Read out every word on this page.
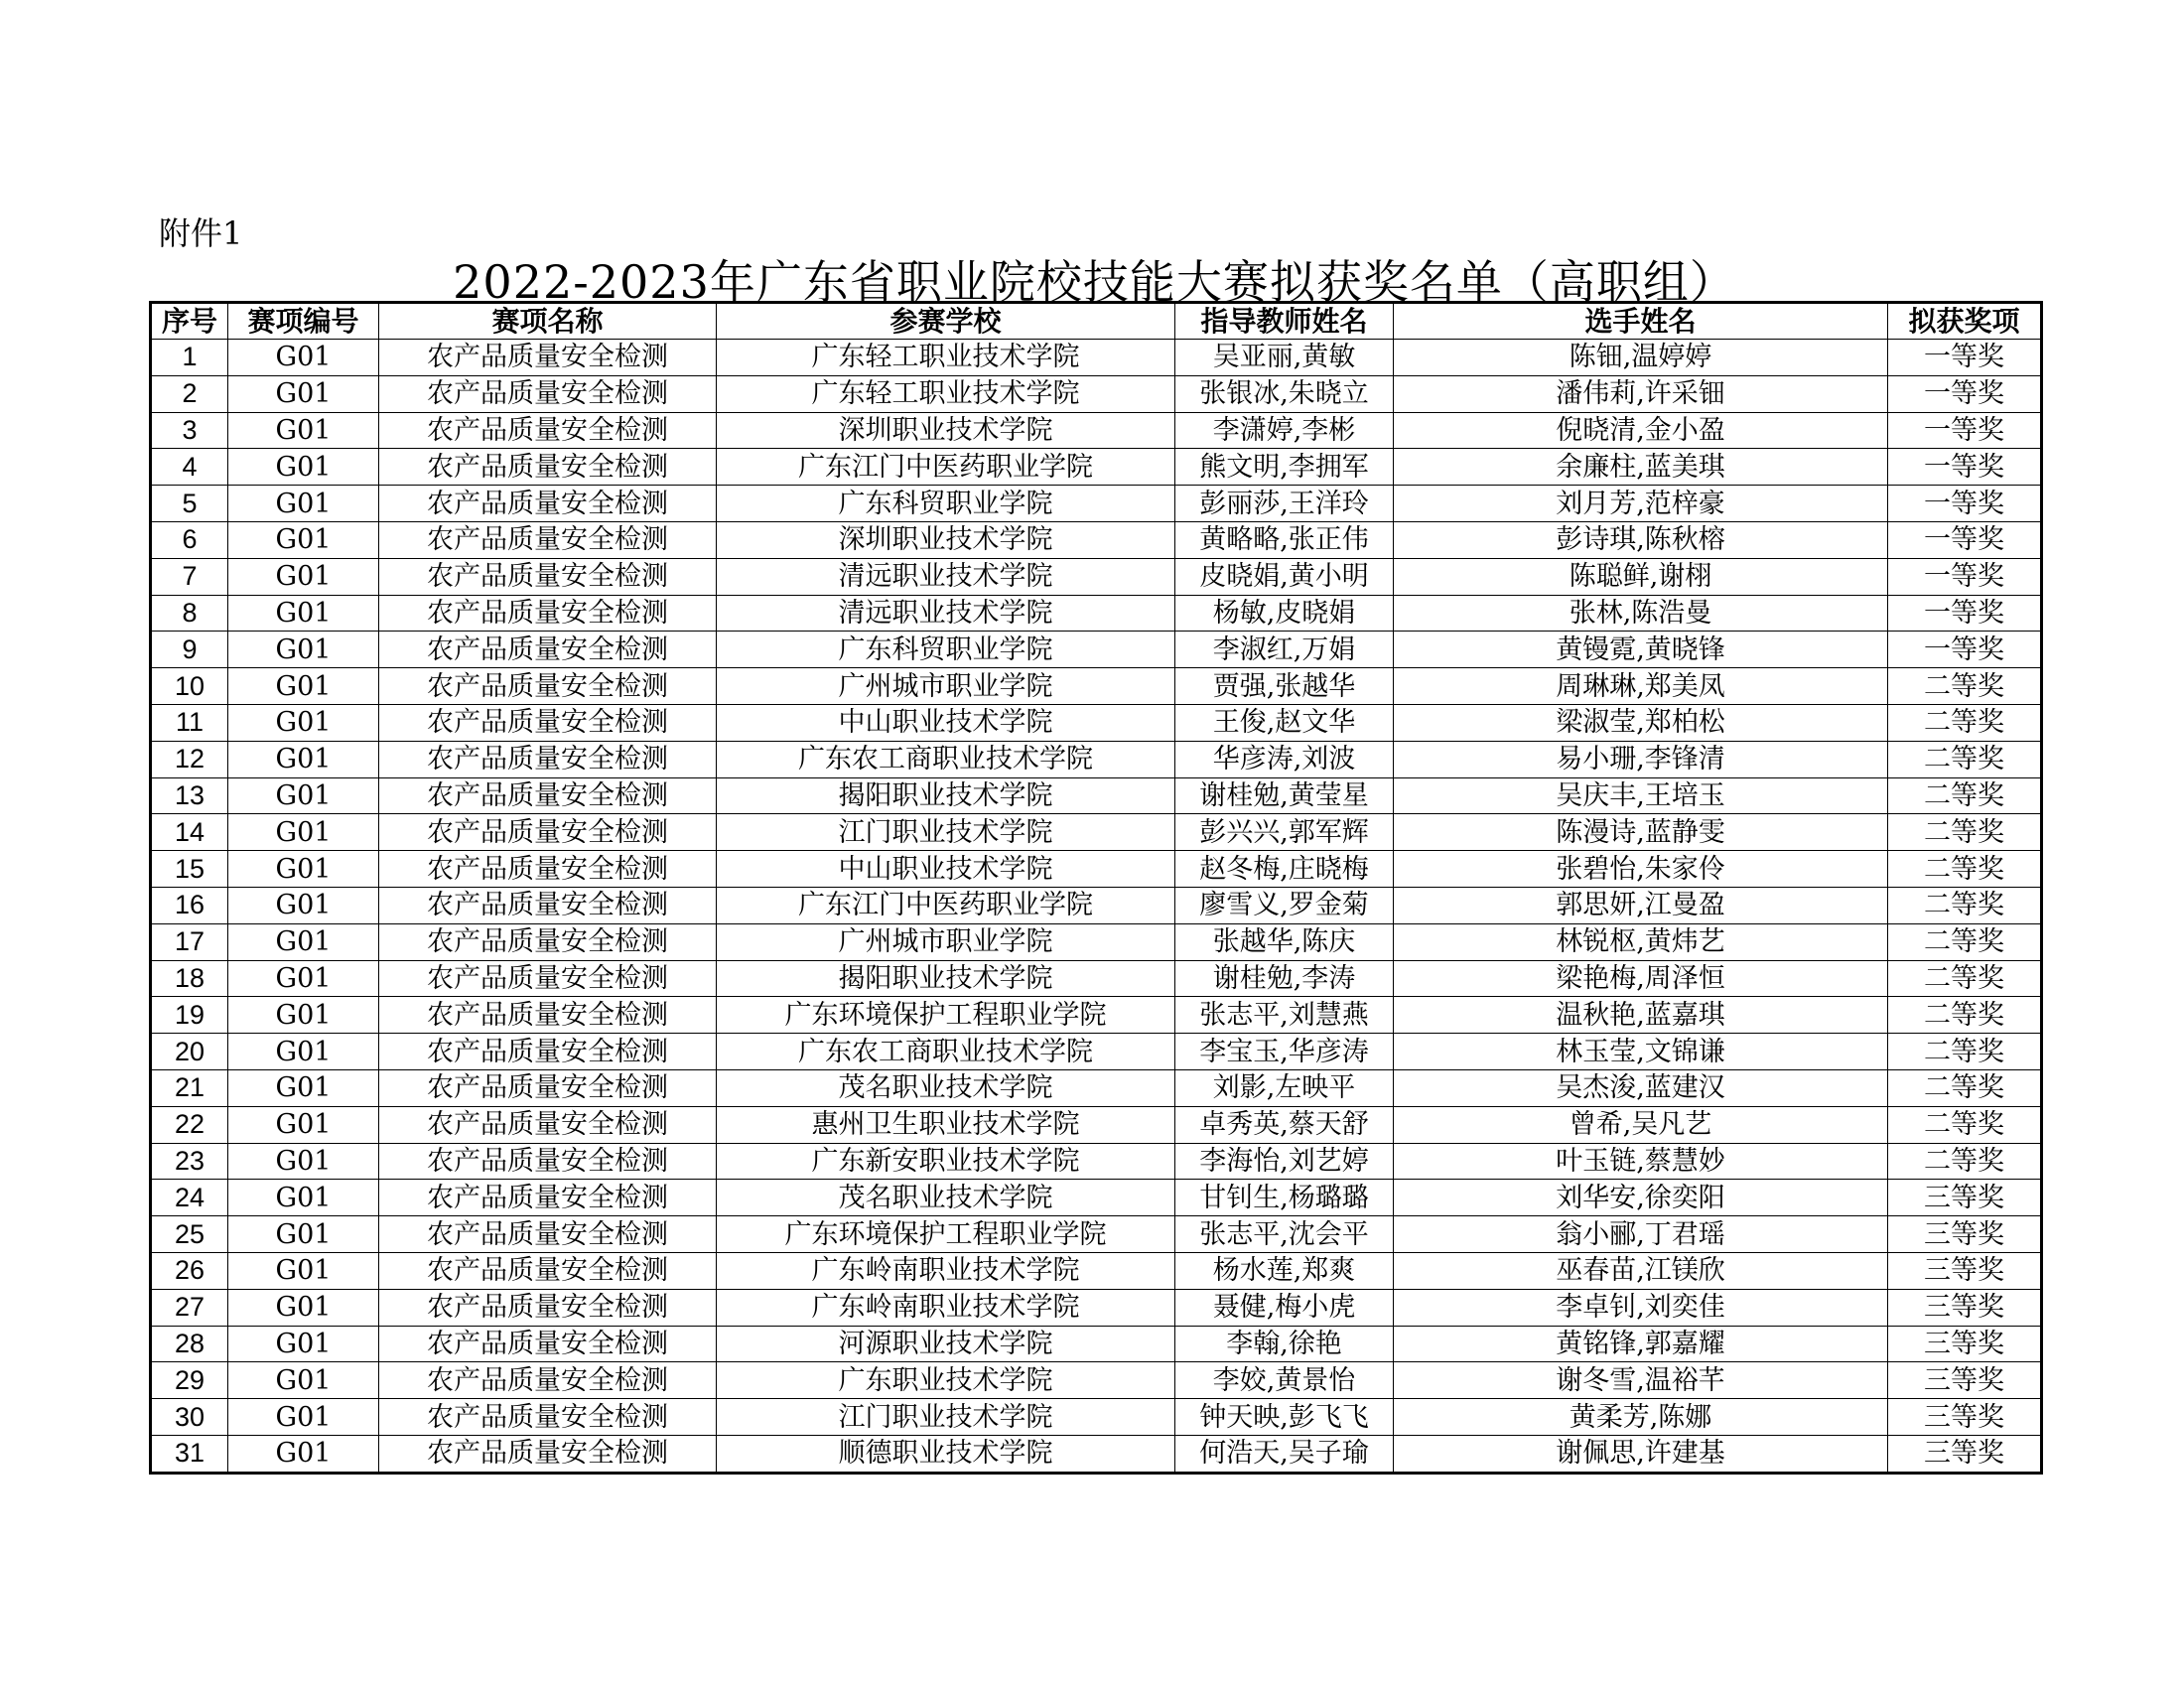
附件1
2022-2023年广东省职业院校技能大赛拟获奖名单（高职组）
序号	赛项编号	赛项名称	参赛学校	指导教师姓名	选手姓名	拟获奖项
1	G01	农产品质量安全检测	广东轻工职业技术学院	吴亚丽,黄敏	陈钿,温婷婷	一等奖
2	G01	农产品质量安全检测	广东轻工职业技术学院	张银冰,朱晓立	潘伟莉,许采钿	一等奖
3	G01	农产品质量安全检测	深圳职业技术学院	李潇婷,李彬	倪晓清,金小盈	一等奖
4	G01	农产品质量安全检测	广东江门中医药职业学院	熊文明,李拥军	余廉柱,蓝美琪	一等奖
5	G01	农产品质量安全检测	广东科贸职业学院	彭丽莎,王洋玲	刘月芳,范梓豪	一等奖
6	G01	农产品质量安全检测	深圳职业技术学院	黄略略,张正伟	彭诗琪,陈秋榕	一等奖
7	G01	农产品质量安全检测	清远职业技术学院	皮晓娟,黄小明	陈聪鲜,谢栩	一等奖
8	G01	农产品质量安全检测	清远职业技术学院	杨敏,皮晓娟	张林,陈浩曼	一等奖
9	G01	农产品质量安全检测	广东科贸职业学院	李淑红,万娟	黄镘霓,黄晓锋	一等奖
10	G01	农产品质量安全检测	广州城市职业学院	贾强,张越华	周琳琳,郑美凤	二等奖
11	G01	农产品质量安全检测	中山职业技术学院	王俊,赵文华	梁淑莹,郑柏松	二等奖
12	G01	农产品质量安全检测	广东农工商职业技术学院	华彦涛,刘波	易小珊,李锋清	二等奖
13	G01	农产品质量安全检测	揭阳职业技术学院	谢桂勉,黄莹星	吴庆丰,王培玉	二等奖
14	G01	农产品质量安全检测	江门职业技术学院	彭兴兴,郭军辉	陈漫诗,蓝静雯	二等奖
15	G01	农产品质量安全检测	中山职业技术学院	赵冬梅,庄晓梅	张碧怡,朱家伶	二等奖
16	G01	农产品质量安全检测	广东江门中医药职业学院	廖雪义,罗金菊	郭思妍,江曼盈	二等奖
17	G01	农产品质量安全检测	广州城市职业学院	张越华,陈庆	林锐枢,黄炜艺	二等奖
18	G01	农产品质量安全检测	揭阳职业技术学院	谢桂勉,李涛	梁艳梅,周泽恒	二等奖
19	G01	农产品质量安全检测	广东环境保护工程职业学院	张志平,刘慧燕	温秋艳,蓝嘉琪	二等奖
20	G01	农产品质量安全检测	广东农工商职业技术学院	李宝玉,华彦涛	林玉莹,文锦谦	二等奖
21	G01	农产品质量安全检测	茂名职业技术学院	刘影,左映平	吴杰浚,蓝建汉	二等奖
22	G01	农产品质量安全检测	惠州卫生职业技术学院	卓秀英,蔡天舒	曾希,吴凡艺	二等奖
23	G01	农产品质量安全检测	广东新安职业技术学院	李海怡,刘艺婷	叶玉链,蔡慧妙	二等奖
24	G01	农产品质量安全检测	茂名职业技术学院	甘钊生,杨璐璐	刘华安,徐奕阳	三等奖
25	G01	农产品质量安全检测	广东环境保护工程职业学院	张志平,沈会平	翁小郦,丁君瑶	三等奖
26	G01	农产品质量安全检测	广东岭南职业技术学院	杨水莲,郑爽	巫春苗,江镁欣	三等奖
27	G01	农产品质量安全检测	广东岭南职业技术学院	聂健,梅小虎	李卓钊,刘奕佳	三等奖
28	G01	农产品质量安全检测	河源职业技术学院	李翰,徐艳	黄铭锋,郭嘉耀	三等奖
29	G01	农产品质量安全检测	广东职业技术学院	李姣,黄景怡	谢冬雪,温裕芊	三等奖
30	G01	农产品质量安全检测	江门职业技术学院	钟天映,彭飞飞	黄柔芳,陈娜	三等奖
31	G01	农产品质量安全检测	顺德职业技术学院	何浩天,吴子瑜	谢佩思,许建基	三等奖
